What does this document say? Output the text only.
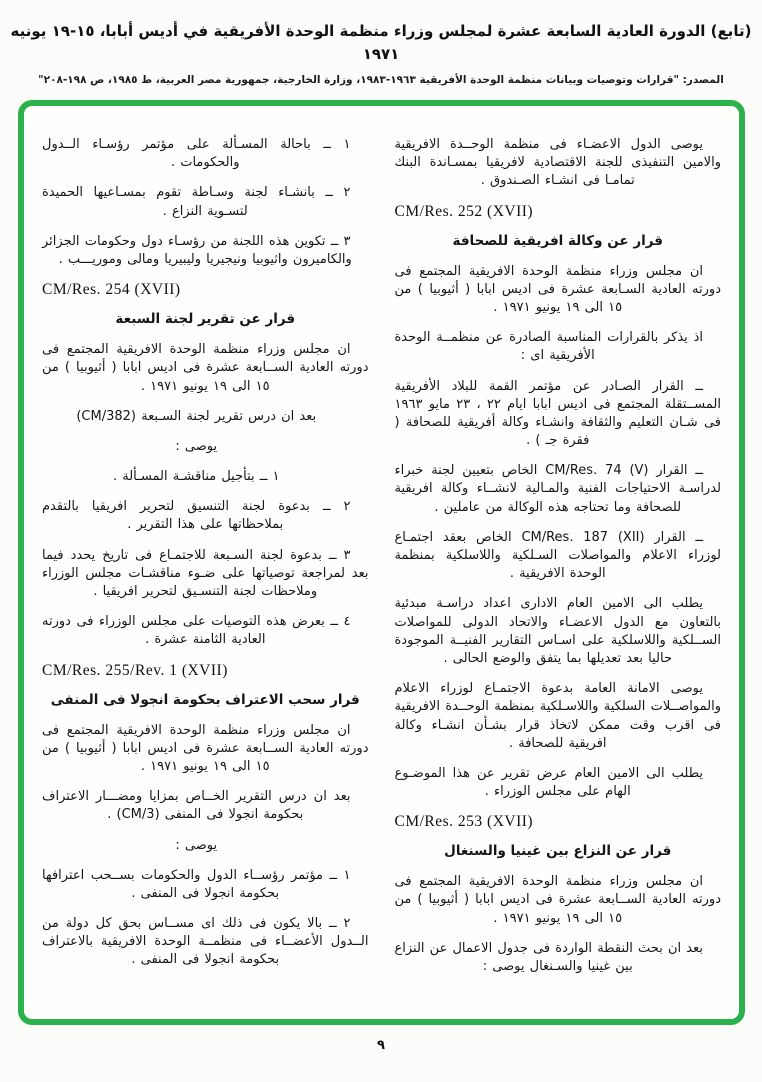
(تابع) الدورة العادية السابعة عشرة لمجلس وزراء منظمة الوحدة الأفريقية في أديس أبابا، ١٥-١٩ يونيه ١٩٧١
المصدر: "قرارات وتوصيات وبيانات منظمة الوحدة الأفريقية ١٩٦٣-١٩٨٣، وزارة الخارجية، جمهورية مصر العربية، ط ١٩٨٥، ص ١٩٨-٢٠٨"
يوصى الدول الاعضـاء فى منظمة الوحــدة الافريقية والامين التنفيذى للجنة الاقتصادية لافريقيا بمسـاندة البنك تمامـا فى انشـاء الصـندوق .
CM/Res. 252 (XVII)
قرار عن وكالة افريقية للصحافة
ان مجلس وزراء منظمة الوحدة الافريقية المجتمع فى دورته العادية السـابعة عشرة فى اديس ابابا ( أثيوبيا ) من ١٥ الى ١٩ يونيو ١٩٧١ .
اذ يذكر بالقرارات المناسبة الصادرة عن منظمــة الوحدة الأفريقية اى :
ــ القرار الصـادر عن مؤتمر القمة للبلاد الأفريقية المســتقلة المجتمع فى اديس ابابا ايام ٢٢ ، ٢٣ مايو ١٩٦٣ فى شـان التعليم والثقافة وانشـاء وكالة أفريقية للصحافة ( فقرة جـ ) .
ــ القرار CM/Res. 74 (V) الخاص بتعيين لجنة خبراء لدراسـة الاحتياجات الفنية والمـالية لانشــاء وكالة افريقية للصحافة وما تحتاجه هذه الوكالة من عاملين .
ــ القرار CM/Res. 187 (XII) الخاص بعقد اجتمـاع لوزراء الاعلام والمواصلات السـلكية واللاسلكية بمنظمة الوحدة الافريقية .
يطلب الى الامين العام الادارى اعداد دراسـة مبدئية بالتعاون مع الدول الاعضـاء والاتحاد الدولى للمواصلات الســلكية واللاسلكية على اسـاس التقارير الفنيــة الموجودة حاليا بعد تعديلها بما يتفق والوضع الحالى .
يوصى الامانة العامة بدعوة الاجتمـاع لوزراء الاعلام والمواصــلات السلكية واللاسـلكية بمنظمة الوحــدة الافريقية فى اقرب وقت ممكن لاتخاذ قرار بشـأن انشـاء وكالة افريقية للصحافة .
يطلب الى الامين العام عرض تقرير عن هذا الموضـوع الهام على مجلس الوزراء .
CM/Res. 253 (XVII)
قرار عن النزاع بين غينيا والسنغال
ان مجلس وزراء منظمة الوحدة الافريقية المجتمع فى دورته العادية الســابعة عشرة فى اديس ابابا ( أثيوبيا ) من ١٥ الى ١٩ يونيو ١٩٧١ .
بعد ان بحث النقطة الواردة فى جدول الاعمال عن النزاع بين غينيا والسـنغال يوصى :
١ ــ باحالة المسـألة على مؤتمر رؤسـاء الــدول والحكومات .
٢ ــ بانشـاء لجنة وسـاطة تقوم بمسـاعيها الحميدة لتسـوية النزاع .
٣ ــ تكوين هذه اللجنة من رؤسـاء دول وحكومات الجزائر والكاميرون واثيوبيا ونيجيريا وليبيريا ومالى وموريـــب .
CM/Res. 254 (XVII)
قرار عن تقرير لجنة السبعة
ان مجلس وزراء منظمة الوحدة الافريقية المجتمع فى دورته العادية الســابعة عشرة فى اديس ابابا ( أثيوبيا ) من ١٥ الى ١٩ يونيو ١٩٧١ .
بعد ان درس تقرير لجنة السـبعة (CM/382)
يوصى :
١ ــ بتأجيل مناقشـة المسـألة .
٢ ــ بدعوة لجنة التنسيق لتحرير افريقيا بالتقدم بملاحظاتها على هذا التقرير .
٣ ــ بدعوة لجنة السـبعة للاجتمـاع فى تاريخ يحدد فيما بعد لمراجعة توصياتها على ضـوء مناقشـات مجلس الوزراء وملاحظات لجنة التنسـيق لتحرير افريقيا .
٤ ــ بعرض هذه التوصيات على مجلس الوزراء فى دورته العادية الثامنة عشرة .
CM/Res. 255/Rev. 1 (XVII)
قرار سحب الاعتراف بحكومة انجولا فى المنفى
ان مجلس وزراء منظمة الوحدة الافريقية المجتمع فى دورته العادية الســابعة عشرة فى اديس ابابا ( أثيوبيا ) من ١٥ الى ١٩ يونيو ١٩٧١ .
بعد ان درس التقرير الخــاص بمزايا ومضـــار الاعتراف بحكومة انجولا فى المنفى (CM/3) .
يوصى :
١ ــ مؤتمر رؤســاء الدول والحكومات بســحب اعترافها بحكومة انجولا فى المنفى .
٢ ــ بالا يكون فى ذلك اى مســاس بحق كل دولة من الــدول الأعضــاء فى منظمــة الوحدة الافريقية بالاعتراف بحكومة انجولا فى المنفى .
٩
